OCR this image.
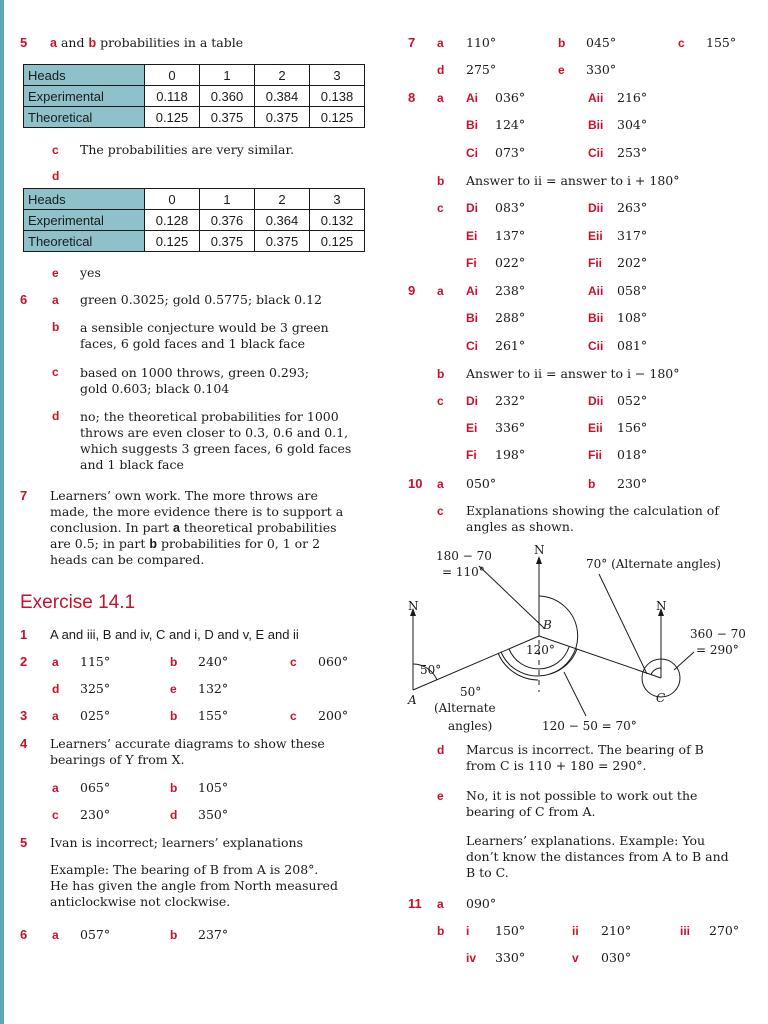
5 a and b probabilities in a table
Heads	0	1	2	3
Experimental	0.118	0.360	0.384	0.138
Theoretical	0.125	0.375	0.375	0.125
c The probabilities are very similar.
d
Heads	0	1	2	3
Experimental	0.128	0.376	0.364	0.132
Theoretical	0.125	0.375	0.375	0.125
e yes
6 a green 0.3025; gold 0.5775; black 0.12
b a sensible conjecture would be 3 green
faces, 6 gold faces and 1 black face
c based on 1000 throws, green 0.293;
gold 0.603; black 0.104
d no; the theoretical probabilities for 1000
throws are even closer to 0.3, 0.6 and 0.1,
which suggests 3 green faces, 6 gold faces
and 1 black face
7 Learners’ own work. The more throws are
made, the more evidence there is to support a
conclusion. In part a theoretical probabilities
are 0.5; in part b probabilities for 0, 1 or 2
heads can be compared.
Exercise 14.1
1 A and iii, B and iv, C and i, D and v, E and ii
2 a 115°	b 240°	c 060°
d 325°	e 132°
3 a 025°	b 155°	c 200°
4 Learners’ accurate diagrams to show these
bearings of Y from X.
a 065°	b 105°
c 230°	d 350°
5 Ivan is incorrect; learners’ explanations
Example: The bearing of B from A is 208°.
He has given the angle from North measured
anticlockwise not clockwise.
6 a 057°	b 237°
7 a 110°	b 045°	c 155°
d 275°	e 330°
8 a Ai 036°	Aii 216°
Bi 124°	Bii 304°
Ci 073°	Cii 253°
b Answer to ii = answer to i + 180°
c Di 083°	Dii 263°
Ei 137°	Eii 317°
Fi 022°	Fii 202°
9 a Ai 238°	Aii 058°
Bi 288°	Bii 108°
Ci 261°	Cii 081°
b Answer to ii = answer to i − 180°
c Di 232°	Dii 052°
Ei 336°	Eii 156°
Fi 198°	Fii 018°
10 a 050°	b 230°
c Explanations showing the calculation of
angles as shown.
N
N	N
180 − 70
= 110°
70° (Alternate angles)
360 − 70
= 290°
B
A	C
120°
50°
50°
(Alternate
angles)	120 − 50 = 70°
d Marcus is incorrect. The bearing of B
from C is 110 + 180 = 290°.
e No, it is not possible to work out the
bearing of C from A.
Learners’ explanations. Example: You
don’t know the distances from A to B and
B to C.
11 a 090°
b i 150°	ii 210°	iii 270°
iv 330°	v 030°
